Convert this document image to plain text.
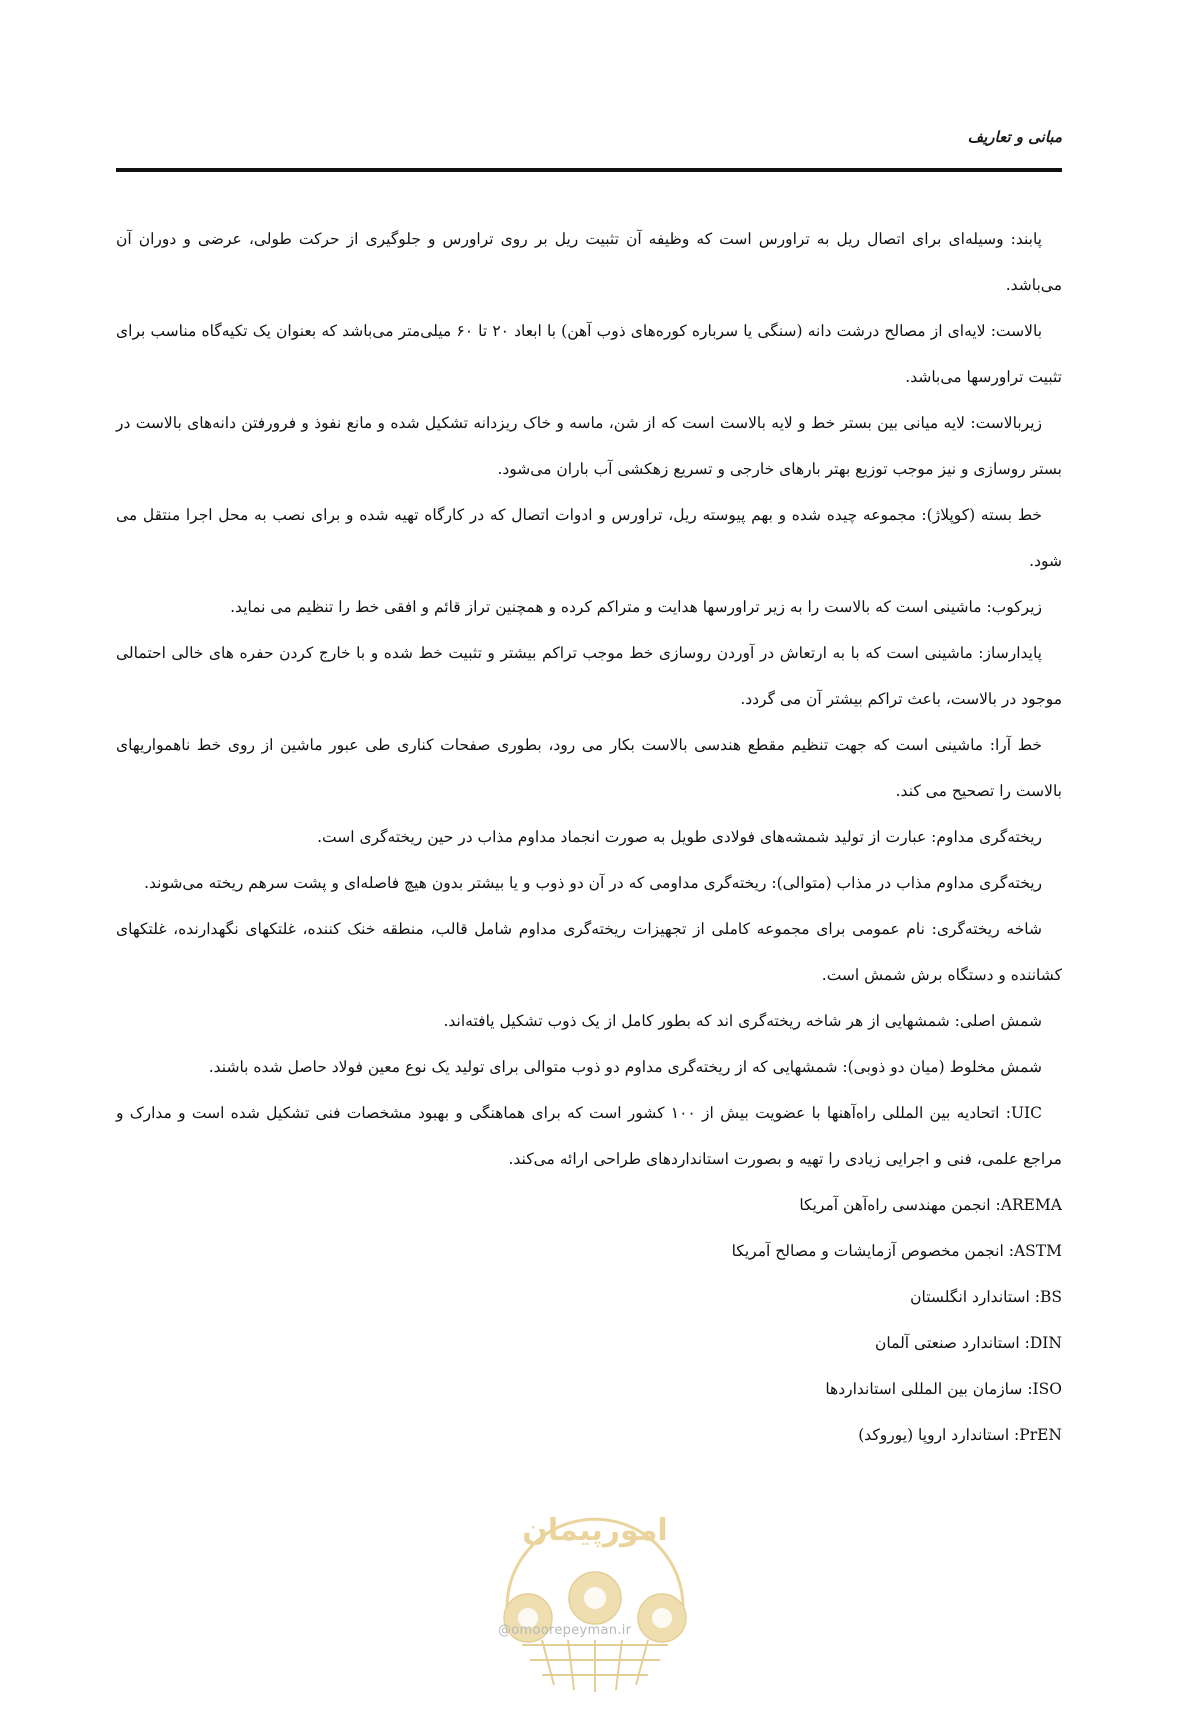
مبانی و تعاریف

پابند: وسیله‌ای برای اتصال ریل به تراورس است که وظیفه آن تثبیت ریل بر روی تراورس و جلوگیری از حرکت طولی، عرضی و دوران آن می‌باشد.

بالاست: لایه‌ای از مصالح درشت دانه (سنگی یا سرباره کوره‌های ذوب آهن) با ابعاد ۲۰ تا ۶۰ میلی‌متر می‌باشد که بعنوان یک تکیه‌گاه مناسب برای تثبیت تراورسها می‌باشد.

زیربالاست: لایه میانی بین بستر خط و لایه بالاست است که از شن، ماسه و خاک ریزدانه تشکیل شده و مانع نفوذ و فرورفتن دانه‌های بالاست در بستر روسازی و نیز موجب توزیع بهتر بارهای خارجی و تسریع زهکشی آب باران می‌شود.

خط بسته (کوپلاژ): مجموعه چیده شده و بهم پیوسته ریل، تراورس و ادوات اتصال که در کارگاه تهیه شده و برای نصب به محل اجرا منتقل می شود.

زیرکوب: ماشینی است که بالاست را به زیر تراورسها هدایت و متراکم کرده و همچنین تراز قائم و افقی خط را تنظیم می نماید.

پایدارساز: ماشینی است که با به ارتعاش در آوردن روسازی خط موجب تراکم بیشتر و تثبیت خط شده و با خارج کردن حفره های خالی احتمالی موجود در بالاست، باعث تراکم بیشتر آن می گردد.

خط آرا: ماشینی است که جهت تنظیم مقطع هندسی بالاست بکار می رود، بطوری صفحات کناری طی عبور ماشین از روی خط ناهمواریهای بالاست را تصحیح می کند.

ریخته‌گری مداوم: عبارت از تولید شمشه‌های فولادی طویل به صورت انجماد مداوم مذاب در حین ریخته‌گری است.

ریخته‌گری مداوم مذاب در مذاب (متوالی): ریخته‌گری مداومی که در آن دو ذوب و یا بیشتر بدون هیچ فاصله‌ای و پشت سرهم ریخته می‌شوند.

شاخه ریخته‌گری: نام عمومی برای مجموعه کاملی از تجهیزات ریخته‌گری مداوم شامل قالب، منطقه خنک کننده، غلتکهای نگهدارنده، غلتکهای کشاننده و دستگاه برش شمش است.

شمش اصلی: شمشهایی از هر شاخه ریخته‌گری اند که بطور کامل از یک ذوب تشکیل یافته‌اند.

شمش مخلوط (میان دو ذوبی): شمشهایی که از ریخته‌گری مداوم دو ذوب متوالی برای تولید یک نوع معین فولاد حاصل شده باشند.

UIC: اتحادیه بین المللی راه‌آهنها با عضویت بیش از ۱۰۰ کشور است که برای هماهنگی و بهبود مشخصات فنی تشکیل شده است و مدارک و مراجع علمی، فنی و اجرایی زیادی را تهیه و بصورت استانداردهای طراحی ارائه می‌کند.

AREMA: انجمن مهندسی راه‌آهن آمریکا
ASTM: انجمن مخصوص آزمایشات و مصالح آمریکا
BS: استاندارد انگلستان
DIN: استاندارد صنعتی آلمان
ISO: سازمان بین المللی استانداردها
PrEN: استاندارد اروپا (یوروکد)
امورپیمان
@omoorepeyman.ir
